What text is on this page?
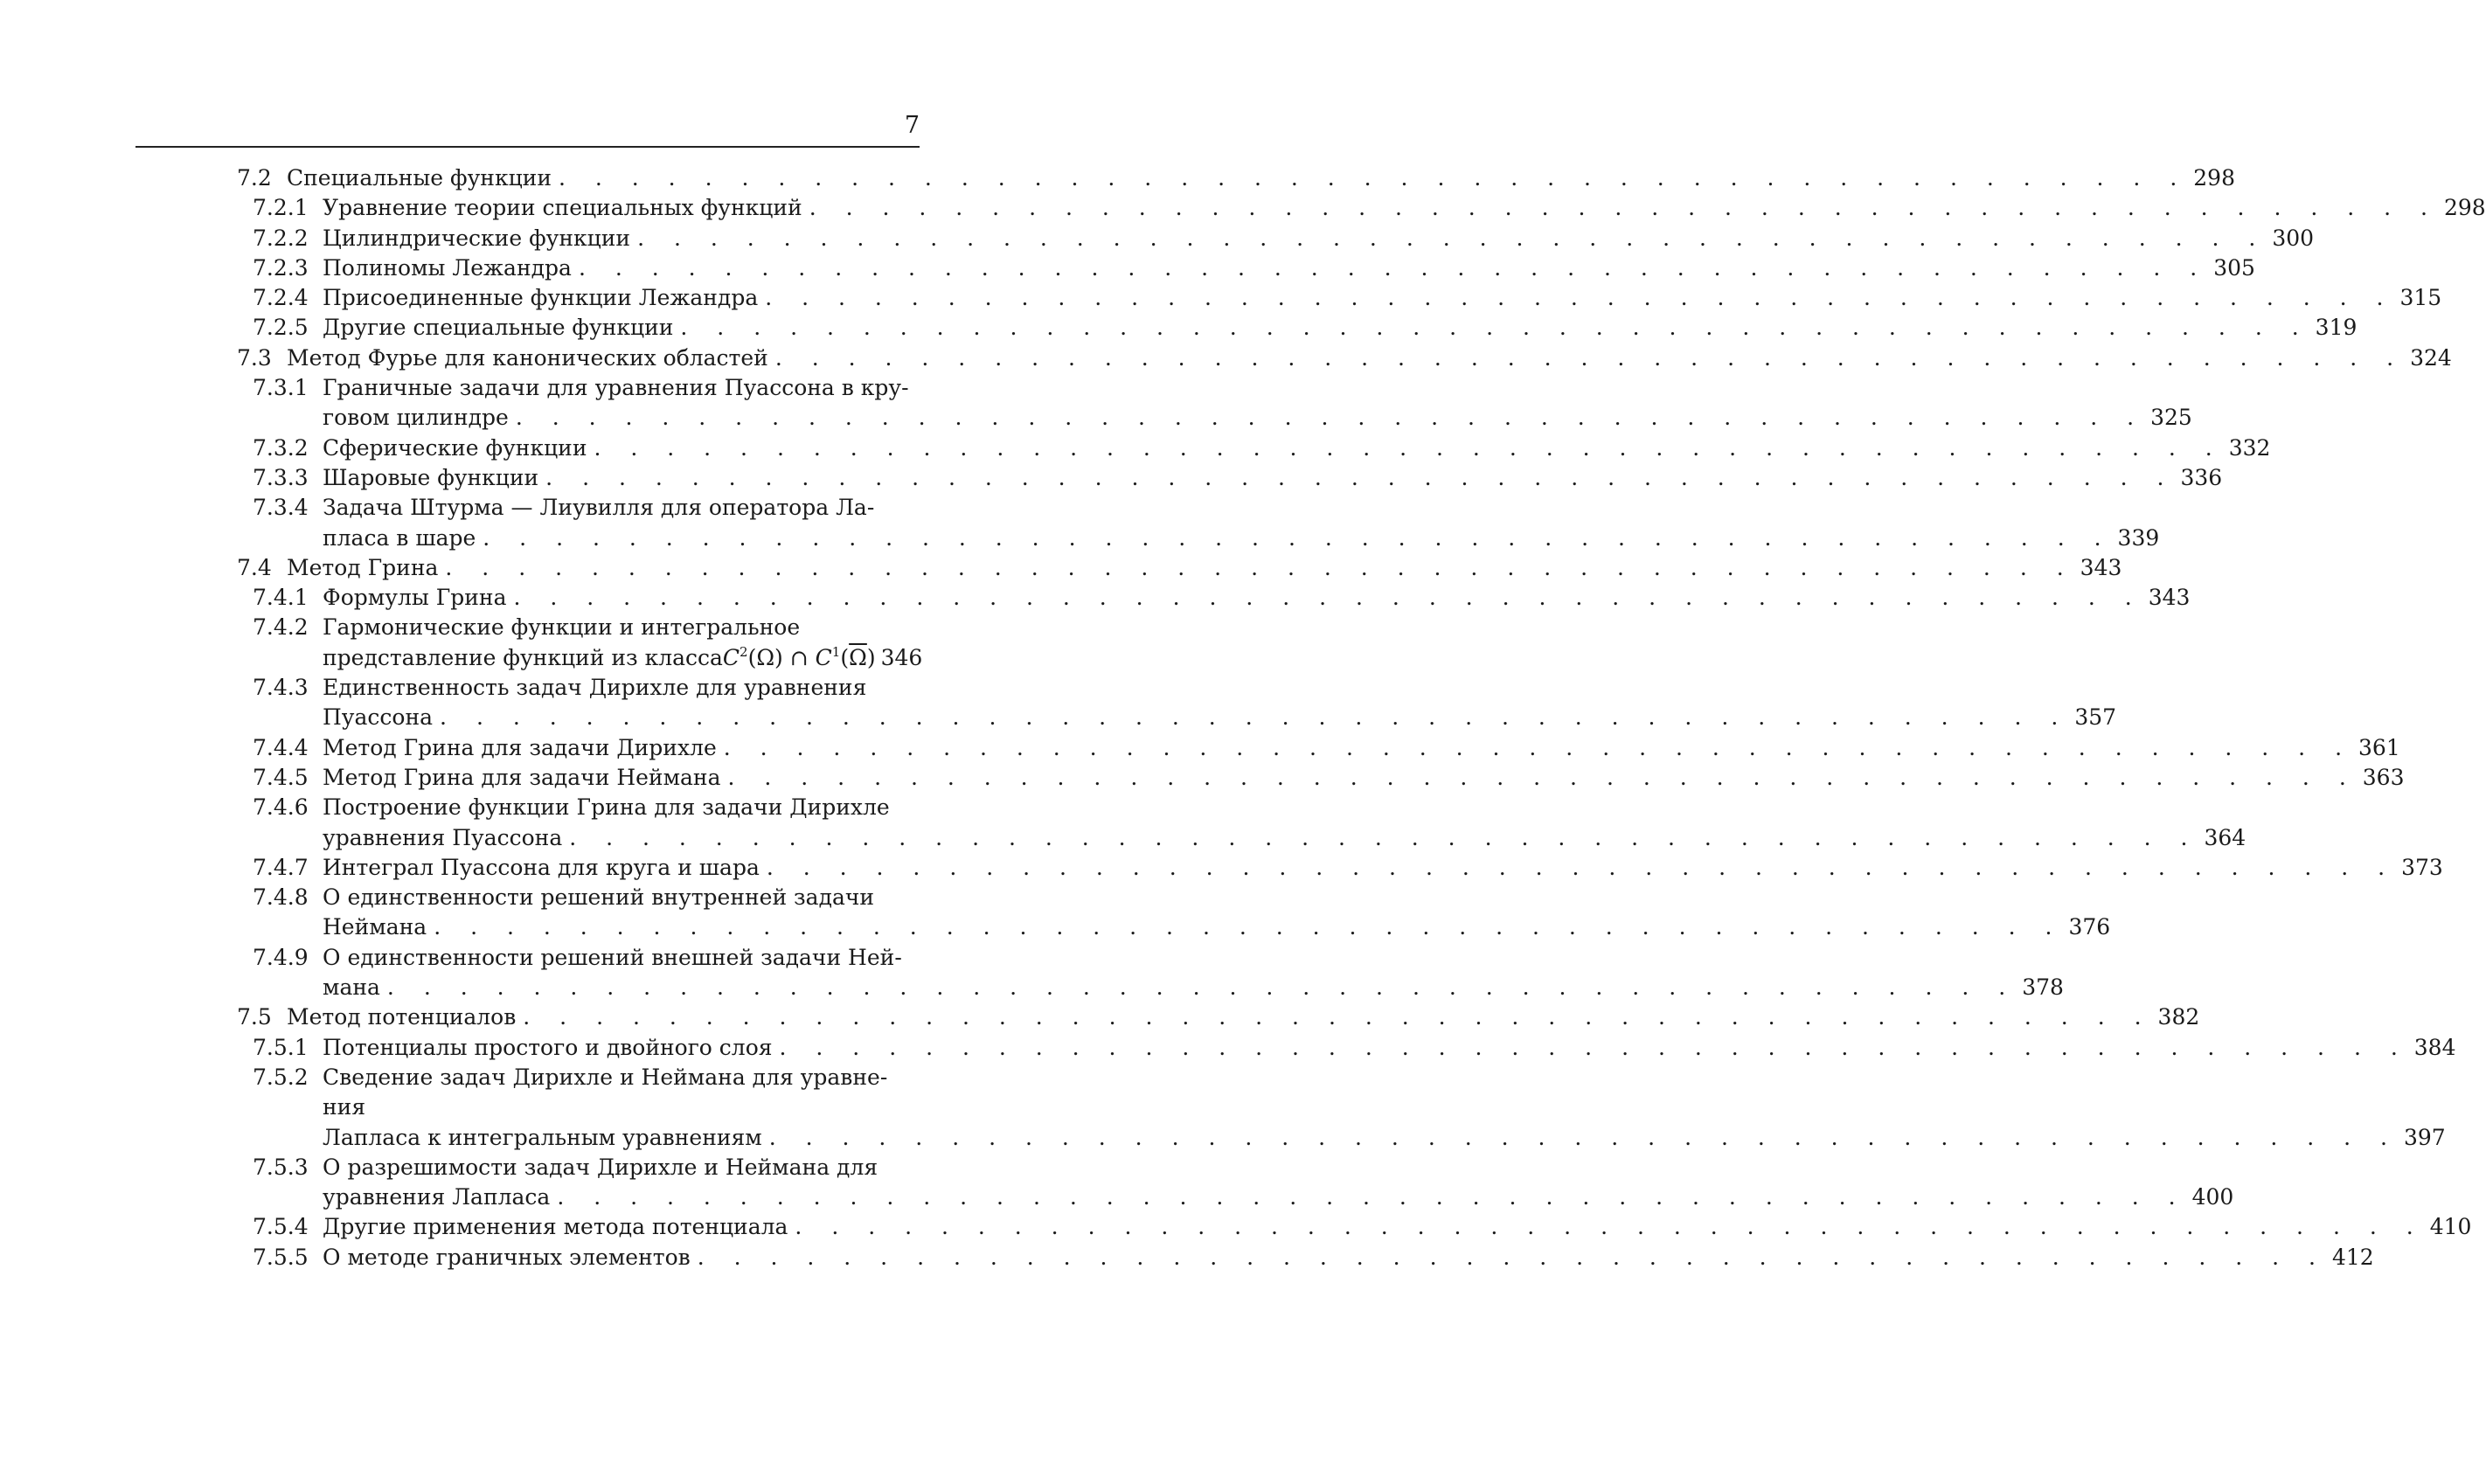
7
7.2 Специальные функции . . . . . . . . . . . . . . . . . . . . . . . . . . . . . . . . . . . . . . . . . . . . . 298
7.2.1 Уравнение теории специальных функций . . . . . . . . . . . . . . . . . . . . . . . . . . . . . . . . . . . . . . . . . . . . . 298
7.2.2 Цилиндрические функции . . . . . . . . . . . . . . . . . . . . . . . . . . . . . . . . . . . . . . . . . . . . . 300
7.2.3 Полиномы Лежандра . . . . . . . . . . . . . . . . . . . . . . . . . . . . . . . . . . . . . . . . . . . . . 305
7.2.4 Присоединенные функции Лежандра . . . . . . . . . . . . . . . . . . . . . . . . . . . . . . . . . . . . . . . . . . . . . 315
7.2.5 Другие специальные функции . . . . . . . . . . . . . . . . . . . . . . . . . . . . . . . . . . . . . . . . . . . . . 319
7.3 Метод Фурье для канонических областей . . . . . . . . . . . . . . . . . . . . . . . . . . . . . . . . . . . . . . . . . . . . . 324
7.3.1 Граничные задачи для уравнения Пуассона в кру-
говом цилиндре . . . . . . . . . . . . . . . . . . . . . . . . . . . . . . . . . . . . . . . . . . . . . 325
7.3.2 Сферические функции . . . . . . . . . . . . . . . . . . . . . . . . . . . . . . . . . . . . . . . . . . . . . 332
7.3.3 Шаровые функции . . . . . . . . . . . . . . . . . . . . . . . . . . . . . . . . . . . . . . . . . . . . . 336
7.3.4 Задача Штурма — Лиувилля для оператора Ла-
пласа в шаре . . . . . . . . . . . . . . . . . . . . . . . . . . . . . . . . . . . . . . . . . . . . . 339
7.4 Метод Грина . . . . . . . . . . . . . . . . . . . . . . . . . . . . . . . . . . . . . . . . . . . . . 343
7.4.1 Формулы Грина . . . . . . . . . . . . . . . . . . . . . . . . . . . . . . . . . . . . . . . . . . . . . 343
7.4.2 Гармонические функции и интегральное
представление функций из класса $C^2(\Omega)$ ∩ $C^1(\overline{\Omega})$ 346
7.4.3 Единственность задач Дирихле для уравнения
Пуассона . . . . . . . . . . . . . . . . . . . . . . . . . . . . . . . . . . . . . . . . . . . . . 357
7.4.4 Метод Грина для задачи Дирихле . . . . . . . . . . . . . . . . . . . . . . . . . . . . . . . . . . . . . . . . . . . . . 361
7.4.5 Метод Грина для задачи Неймана . . . . . . . . . . . . . . . . . . . . . . . . . . . . . . . . . . . . . . . . . . . . . 363
7.4.6 Построение функции Грина для задачи Дирихле
уравнения Пуассона . . . . . . . . . . . . . . . . . . . . . . . . . . . . . . . . . . . . . . . . . . . . . 364
7.4.7 Интеграл Пуассона для круга и шара . . . . . . . . . . . . . . . . . . . . . . . . . . . . . . . . . . . . . . . . . . . . . 373
7.4.8 О единственности решений внутренней задачи
Неймана . . . . . . . . . . . . . . . . . . . . . . . . . . . . . . . . . . . . . . . . . . . . . 376
7.4.9 О единственности решений внешней задачи Ней-
мана . . . . . . . . . . . . . . . . . . . . . . . . . . . . . . . . . . . . . . . . . . . . . 378
7.5 Метод потенциалов . . . . . . . . . . . . . . . . . . . . . . . . . . . . . . . . . . . . . . . . . . . . . 382
7.5.1 Потенциалы простого и двойного слоя . . . . . . . . . . . . . . . . . . . . . . . . . . . . . . . . . . . . . . . . . . . . . 384
7.5.2 Сведение задач Дирихле и Неймана для уравне-
ния
Лапласа к интегральным уравнениям . . . . . . . . . . . . . . . . . . . . . . . . . . . . . . . . . . . . . . . . . . . . . 397
7.5.3 О разрешимости задач Дирихле и Неймана для
уравнения Лапласа . . . . . . . . . . . . . . . . . . . . . . . . . . . . . . . . . . . . . . . . . . . . . 400
7.5.4 Другие применения метода потенциала . . . . . . . . . . . . . . . . . . . . . . . . . . . . . . . . . . . . . . . . . . . . . 410
7.5.5 О методе граничных элементов . . . . . . . . . . . . . . . . . . . . . . . . . . . . . . . . . . . . . . . . . . . . . 412
